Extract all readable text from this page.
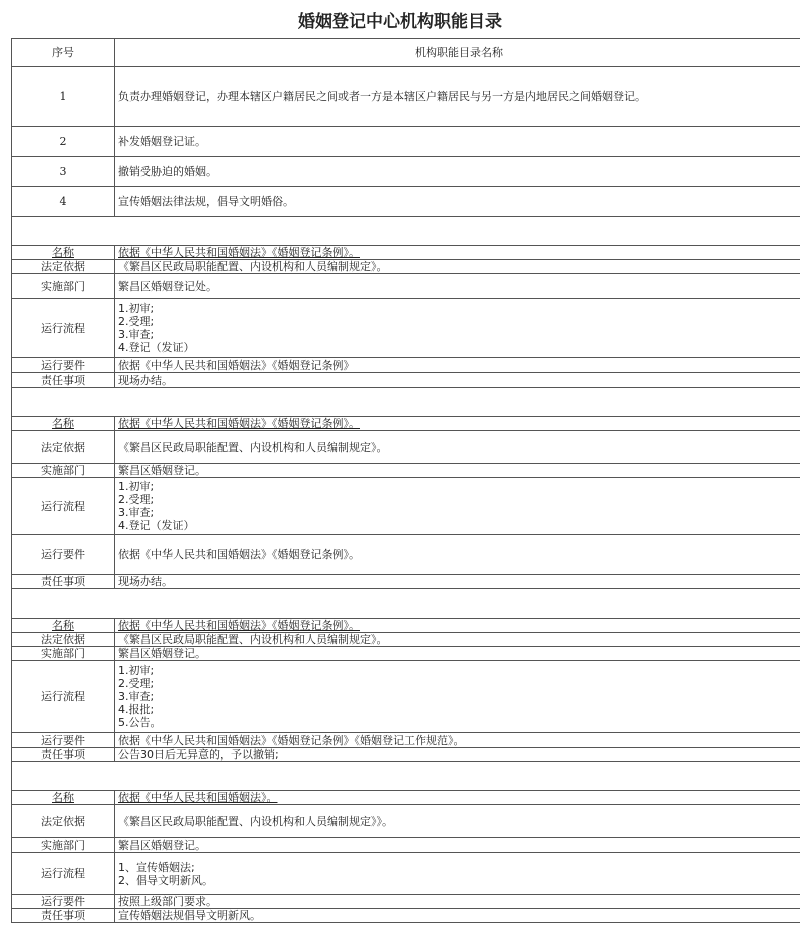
婚姻登记中心机构职能目录
序号	机构职能目录名称
1	负责办理婚姻登记，办理本辖区户籍居民之间或者一方是本辖区户籍居民与另一方是内地居民之间婚姻登记。
2	补发婚姻登记证。
3	撤销受胁迫的婚姻。
4	宣传婚姻法律法规，倡导文明婚俗。

名称	依据《中华人民共和国婚姻法》《婚姻登记条例》。
法定依据	《繁昌区民政局职能配置、内设机构和人员编制规定》。
实施部门	繁昌区婚姻登记处。
运行流程	1.初审;
2.受理;
3.审查;
4.登记（发证）

运行要件	依据《中华人民共和国婚姻法》《婚姻登记条例》
责任事项	现场办结。

名称	依据《中华人民共和国婚姻法》《婚姻登记条例》。
法定依据	《繁昌区民政局职能配置、内设机构和人员编制规定》。
实施部门	繁昌区婚姻登记。
运行流程	1.初审;
2.受理;
3.审查;
4.登记（发证）

运行要件	依据《中华人民共和国婚姻法》《婚姻登记条例》。
责任事项	现场办结。

名称	依据《中华人民共和国婚姻法》《婚姻登记条例》。
法定依据	《繁昌区民政局职能配置、内设机构和人员编制规定》。
实施部门	繁昌区婚姻登记。
运行流程	1.初审;
2.受理;
3.审查;
4.报批;
5.公告。

运行要件	依据《中华人民共和国婚姻法》《婚姻登记条例》《婚姻登记工作规范》。
责任事项	公告30日后无异意的，予以撤销;

名称	依据《中华人民共和国婚姻法》。
法定依据	《繁昌区民政局职能配置、内设机构和人员编制规定》》。
实施部门	繁昌区婚姻登记。
运行流程	1、宣传婚姻法;
2、倡导文明新风。

运行要件	按照上级部门要求。
责任事项	宣传婚姻法规倡导文明新风。
